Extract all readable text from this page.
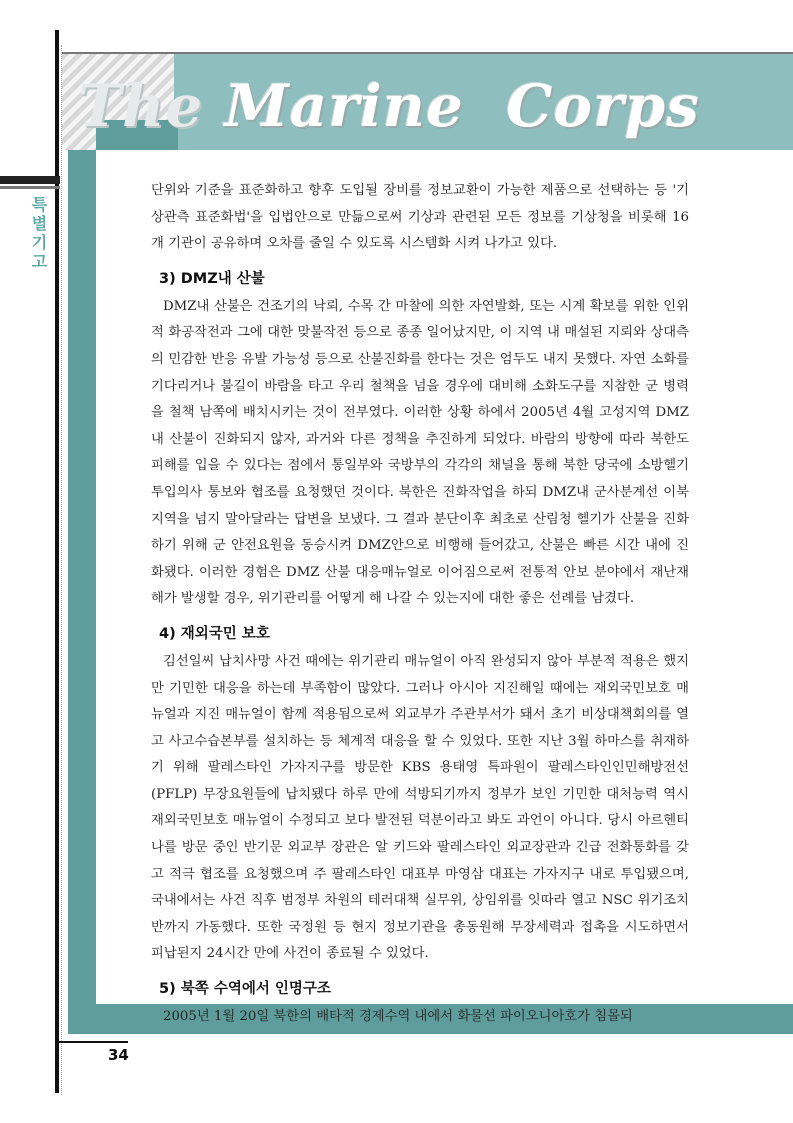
특별기고
The Marine  Corps

단위와 기준을 표준화하고 향후 도입될 장비를 정보교환이 가능한 제품으로 선택하는 등 '기상관측 표준화법'을 입법안으로 만듦으로써 기상과 관련된 모든 정보를 기상청을 비롯해 16개 기관이 공유하며 오차를 줄일 수 있도록 시스템화 시켜 나가고 있다.

3) DMZ내 산불

DMZ내 산불은 건조기의 낙뢰, 수목 간 마찰에 의한 자연발화, 또는 시계 확보를 위한 인위적 화공작전과 그에 대한 맞불작전 등으로 종종 일어났지만, 이 지역 내 매설된 지뢰와 상대측의 민감한 반응 유발 가능성 등으로 산불진화를 한다는 것은 엄두도 내지 못했다. 자연 소화를 기다리거나 불길이 바람을 타고 우리 철책을 넘을 경우에 대비해 소화도구를 지참한 군 병력을 철책 남쪽에 배치시키는 것이 전부였다. 이러한 상황 하에서 2005년 4월 고성지역 DMZ내 산불이 진화되지 않자, 과거와 다른 정책을 추진하게 되었다. 바람의 방향에 따라 북한도 피해를 입을 수 있다는 점에서 통일부와 국방부의 각각의 채널을 통해 북한 당국에 소방헬기 투입의사 통보와 협조를 요청했던 것이다. 북한은 진화작업을 하되 DMZ내 군사분계선 이북지역을 넘지 말아달라는 답변을 보냈다. 그 결과 분단이후 최초로 산림청 헬기가 산불을 진화하기 위해 군 안전요원을 동승시켜 DMZ안으로 비행해 들어갔고, 산불은 빠른 시간 내에 진화됐다. 이러한 경험은 DMZ 산불 대응매뉴얼로 이어짐으로써 전통적 안보 분야에서 재난재해가 발생할 경우, 위기관리를 어떻게 해 나갈 수 있는지에 대한 좋은 선례를 남겼다.

4) 재외국민 보호

김선일씨 납치사망 사건 때에는 위기관리 매뉴얼이 아직 완성되지 않아 부분적 적용은 했지만 기민한 대응을 하는데 부족함이 많았다. 그러나 아시아 지진해일 때에는 재외국민보호 매뉴얼과 지진 매뉴얼이 함께 적용됨으로써 외교부가 주관부서가 돼서 초기 비상대책회의를 열고 사고수습본부를 설치하는 등 체계적 대응을 할 수 있었다. 또한 지난 3월 하마스를 취재하기 위해 팔레스타인 가자지구를 방문한 KBS 용태영 특파원이 팔레스타인인민해방전선(PFLP) 무장요원들에 납치됐다 하루 만에 석방되기까지 정부가 보인 기민한 대처능력 역시 재외국민보호 매뉴얼이 수정되고 보다 발전된 덕분이라고 봐도 과언이 아니다. 당시 아르헨티나를 방문 중인 반기문 외교부 장관은 알 키드와 팔레스타인 외교장관과 긴급 전화통화를 갖고 적극 협조를 요청했으며 주 팔레스타인 대표부 마영삼 대표는 가자지구 내로 투입됐으며, 국내에서는 사건 직후 범정부 차원의 테러대책 실무위, 상임위를 잇따라 열고 NSC 위기조치반까지 가동했다. 또한 국정원 등 현지 정보기관을 총동원해 무장세력과 접촉을 시도하면서 피납된지 24시간 만에 사건이 종료될 수 있었다.

5) 북쪽 수역에서 인명구조

2005년 1월 20일 북한의 배타적 경제수역 내에서 화물선 파이오니아호가 침몰되

34
